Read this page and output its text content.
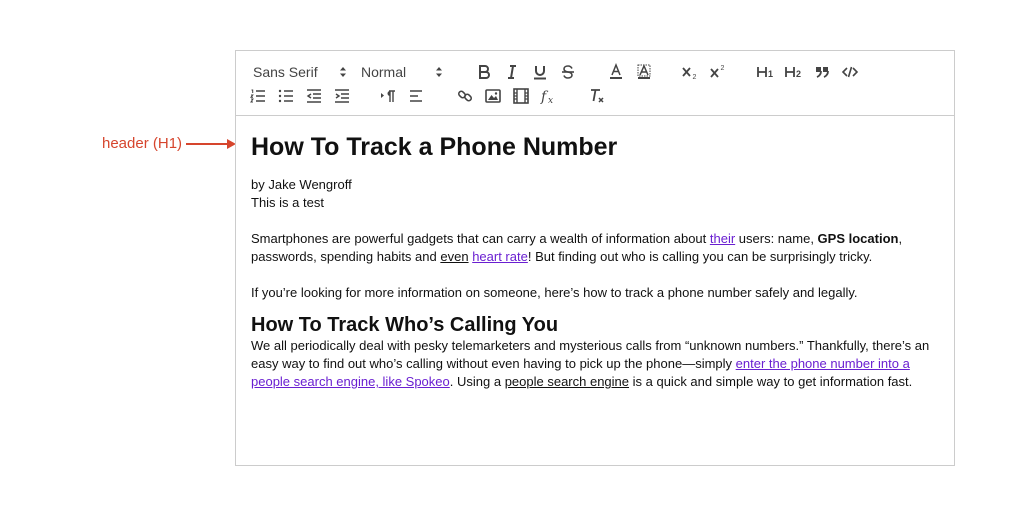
header (H1)
Sans Serif	Normal	2
2
1	2
f x
How To Track a Phone Number

by Jake Wengroff

This is a test

Smartphones are powerful gadgets that can carry a wealth of information about their users: name, GPS location, passwords, spending habits and even heart rate! But finding out who is calling you can be surprisingly tricky.

If you’re looking for more information on someone, here’s how to track a phone number safely and legally.

How To Track Who’s Calling You

We all periodically deal with pesky telemarketers and mysterious calls from “unknown numbers.” Thankfully, there’s an easy way to find out who’s calling without even having to pick up the phone—simply enter the phone number into a people search engine, like Spokeo. Using a people search engine is a quick and simple way to get information fast.
